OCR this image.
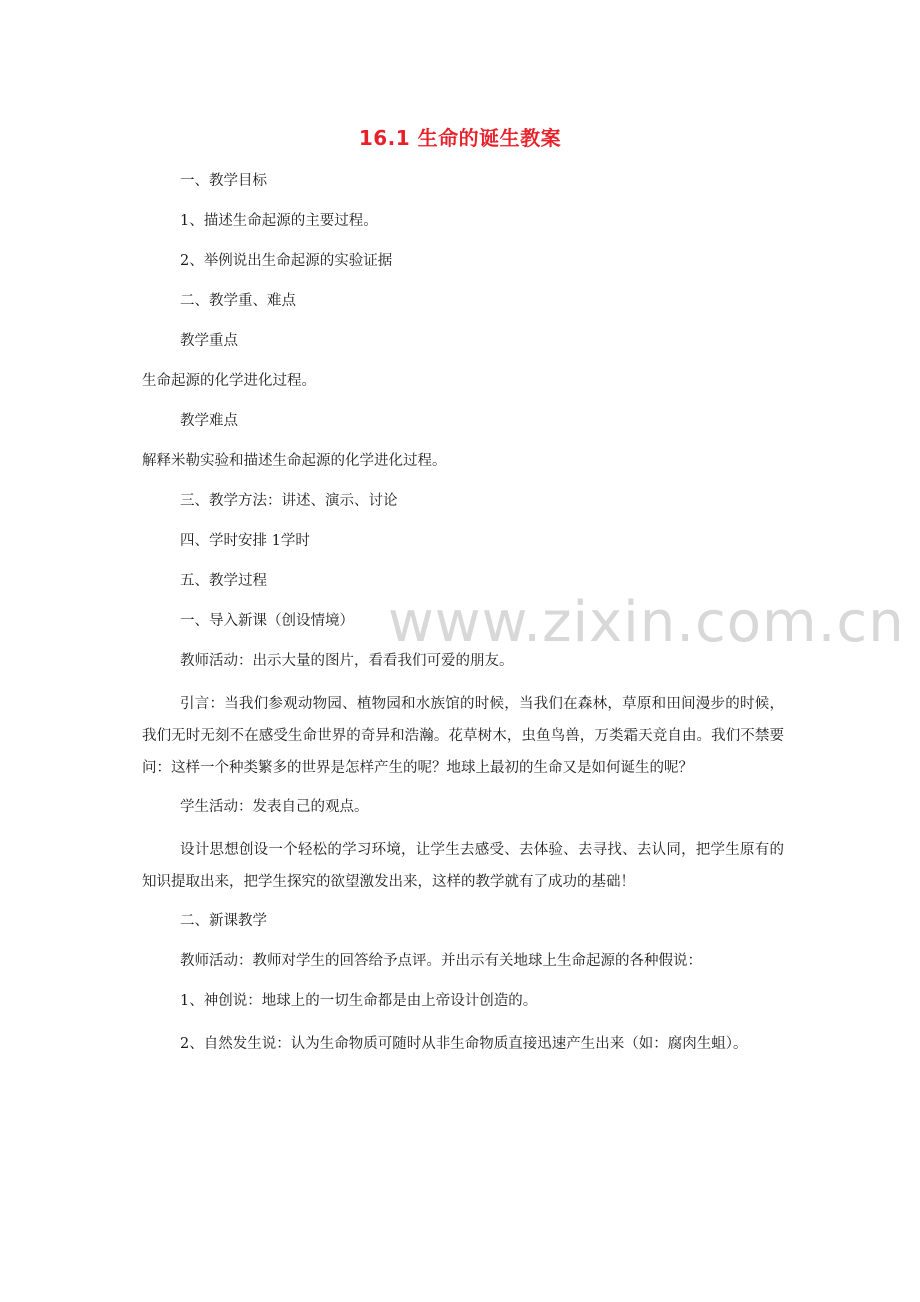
www.zixin.com.cn
16.1 生命的诞生教案
一、教学目标
1、描述生命起源的主要过程。
2、举例说出生命起源的实验证据
二、教学重、难点
教学重点
生命起源的化学进化过程。
教学难点
解释米勒实验和描述生命起源的化学进化过程。
三、教学方法：讲述、演示、讨论
四、学时安排 1学时
五、教学过程
一、导入新课（创设情境）
教师活动：出示大量的图片，看看我们可爱的朋友。
引言：当我们参观动物园、植物园和水族馆的时候，当我们在森林，草原和田间漫步的时候，我们无时无刻不在感受生命世界的奇异和浩瀚。花草树木，虫鱼鸟兽，万类霜天竞自由。我们不禁要问：这样一个种类繁多的世界是怎样产生的呢？地球上最初的生命又是如何诞生的呢？
学生活动：发表自己的观点。
设计思想创设一个轻松的学习环境，让学生去感受、去体验、去寻找、去认同，把学生原有的知识提取出来，把学生探究的欲望激发出来，这样的教学就有了成功的基础！
二、新课教学
教师活动：教师对学生的回答给予点评。并出示有关地球上生命起源的各种假说：
1、神创说：地球上的一切生命都是由上帝设计创造的。
2、自然发生说：认为生命物质可随时从非生命物质直接迅速产生出来（如：腐肉生蛆）。
